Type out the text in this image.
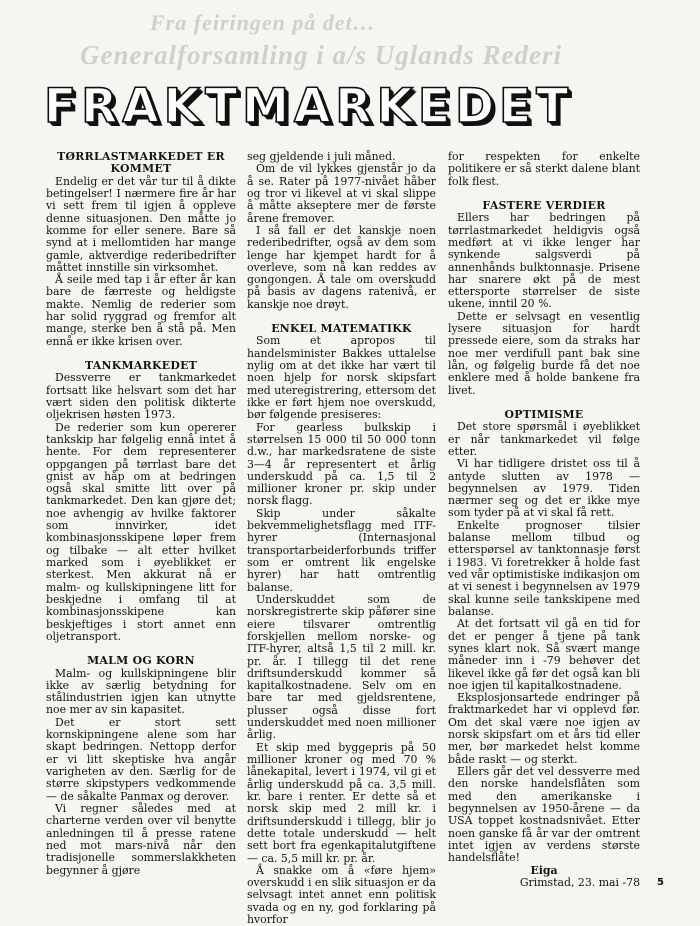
Fra feiringen på det…
Generalforsamling i a/s Uglands Rederi
FRAKTMARKEDET
TØRRLASTMARKEDET ER KOMMET

Endelig er det vår tur til å dikte betingelser! I nærmere fire år har vi sett frem til igjen å oppleve denne situasjonen. Den måtte jo komme for eller senere. Bare så synd at i mellomtiden har mange gamle, aktverdige rederibedrifter måttet innstille sin virksomhet.

Å seile med tap i år efter år kan bare de færreste og heldigste makte. Nemlig de rederier som har solid ryggrad og fremfor alt mange, sterke ben å stå på. Men ennå er ikke krisen over.

TANKMARKEDET

Dessverre er tankmarkedet fortsatt like helsvart som det har vært siden den politisk dikterte oljekrisen høsten 1973.

De rederier som kun opererer tankskip har følgelig ennå intet å hente. For dem representerer oppgangen på tørrlast bare det gnist av håp om at bedringen også skal smitte litt over på tankmarkedet. Den kan gjøre det; noe avhengig av hvilke faktorer som innvirker, idet kombinasjonsskipene løper frem og tilbake — alt etter hvilket marked som i øyeblikket er sterkest. Men akkurat nå er malm- og kullskipningene litt for beskjedne i omfang til at kombinasjonsskipene kan beskjeftiges i stort annet enn oljetransport.

MALM OG KORN

Malm- og kullskipningene blir ikke av særlig betydning for stålindustrien igjen kan utnytte noe mer av sin kapasitet.

Det er stort sett kornskipningene alene som har skapt bedringen. Nettopp derfor er vi litt skeptiske hva angår varigheten av den. Særlig for de større skipstypers vedkommende — de såkalte Panmax og derover.

Vi regner således med at charterne verden over vil benytte anledningen til å presse ratene ned mot mars-nivå når den tradisjonelle sommerslakkheten begynner å gjøre

seg gjeldende i juli måned.

Om de vil lykkes gjenstår jo da å se. Rater på 1977-nivået håber og tror vi likevel at vi skal slippe å måtte akseptere mer de første årene fremover.

I så fall er det kanskje noen rederibedrifter, også av dem som lenge har kjempet hardt for å overleve, som nå kan reddes av gongongen. Å tale om overskudd på basis av dagens ratenivå, er kanskje noe drøyt.

ENKEL MATEMATIKK

Som et apropos til handelsminister Bakkes uttalelse nylig om at det ikke har vært til noen hjelp for norsk skipsfart med uteregistrering, ettersom det ikke er ført hjem noe overskudd, bør følgende presiseres:

For gearless bulkskip i størrelsen 15 000 til 50 000 tonn d.w., har markedsratene de siste 3—4 år representert et årlig underskudd på ca. 1,5 til 2 millioner kroner pr. skip under norsk flagg.

Skip under såkalte bekvemmelighetsflagg med ITF-hyrer (Internasjonal transportarbeiderforbunds triffer som er omtrent lik engelske hyrer) har hatt omtrentlig balanse.

Underskuddet som de norskregistrerte skip påfører sine eiere tilsvarer omtrentlig forskjellen mellom norske- og ITF-hyrer, altså 1,5 til 2 mill. kr. pr. år. I tillegg til det rene driftsunderskudd kommer så kapitalkostnadene. Selv om en bare tar med gjeldsrentene, plusser også disse fort underskuddet med noen millioner årlig.

Et skip med byggepris på 50 millioner kroner og med 70 % lånekapital, levert i 1974, vil gi et årlig underskudd på ca. 3,5 mill. kr. bare i renter. Er dette så et norsk skip med 2 mill kr. i driftsunderskudd i tillegg, blir jo dette totale underskudd — helt sett bort fra egenkapitalutgiftene — ca. 5,5 mill kr. pr. år.

Å snakke om å «føre hjem» overskudd i en slik situasjon er da selvsagt intet annet enn politisk svada og en ny, god forklaring på hvorfor

for respekten for enkelte politikere er så sterkt dalene blant folk flest.

FASTERE VERDIER

Ellers har bedringen på tørrlastmarkedet heldigvis også medført at vi ikke lenger har synkende salgsverdi på annenhånds bulktonnasje. Prisene har snarere økt på de mest ettersporte størrelser de siste ukene, inntil 20 %.

Dette er selvsagt en vesentlig lysere situasjon for hardt pressede eiere, som da straks har noe mer verdifull pant bak sine lån, og følgelig burde få det noe enklere med å holde bankene fra livet.

OPTIMISME

Det store spørsmål i øyeblikket er når tankmarkedet vil følge etter.

Vi har tidligere dristet oss til å antyde slutten av 1978 — begynnelsen av 1979. Tiden nærmer seg og det er ikke mye som tyder på at vi skal få rett.

Enkelte prognoser tilsier balanse mellom tilbud og etterspørsel av tanktonnasje først i 1983. Vi foretrekker å holde fast ved vår optimistiske indikasjon om at vi senest i begynnelsen av 1979 skal kunne seile tankskipene med balanse.

At det fortsatt vil gå en tid for det er penger å tjene på tank synes klart nok. Så svært mange måneder inn i -79 behøver det likevel ikke gå før det også kan bli noe igjen til kapitalkostnadene.

Eksplosjonsartede endringer på fraktmarkedet har vi opplevd før. Om det skal være noe igjen av norsk skipsfart om et års tid eller mer, bør markedet helst komme både raskt — og sterkt.

Ellers går det vel dessverre med den norske handelsflåten som med den amerikanske i begynnelsen av 1950-årene — da USA toppet kostnadsnivået. Etter noen ganske få år var der omtrent intet igjen av verdens største handelsflåte!

Eiga

Grimstad, 23. mai -78 5
